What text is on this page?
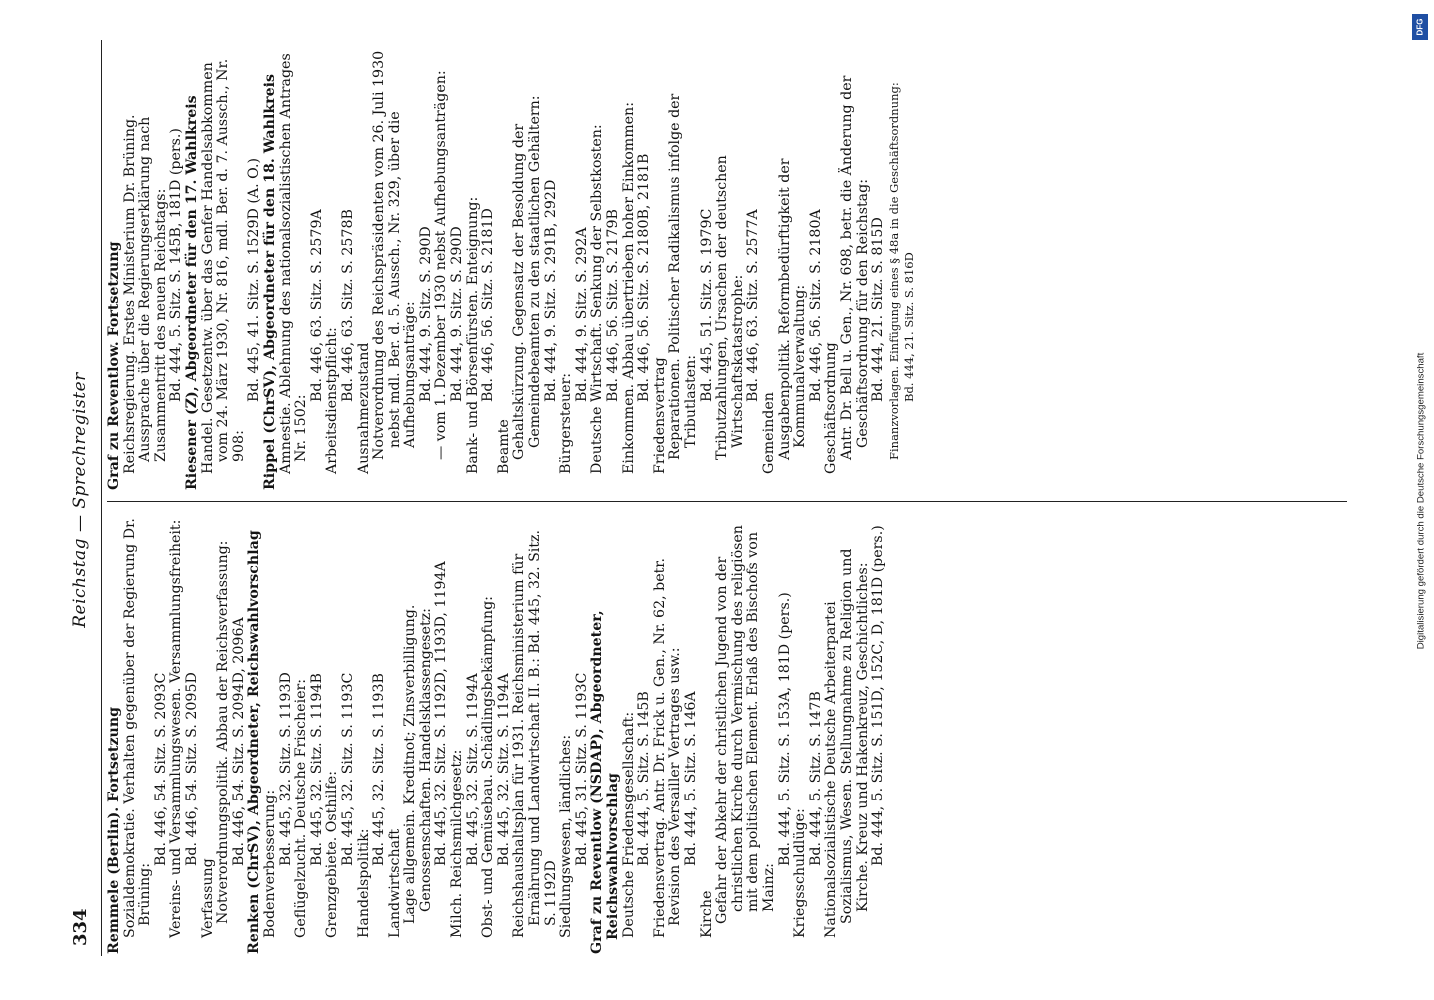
334
Reichstag — Sprechregister
Remmele (Berlin). Fortsetzung Sozialdemokratie. Verhalten gegenüber der Regierung Dr. Brüning:
Bd. 446, 54. Sitz. S. 2093C Vereins- und Versammlungswesen. Versammlungsfreiheit: Bd. 446, 54. Sitz. S. 2095D
Verfassung Notverordnungspolitik. Abbau der Reichsverfassung: Bd. 446, 54. Sitz. S. 2094D, 2096A Renken (ChrSV), Abgeordneter, Reichswahlvorschlag Bodenverbesserung: Bd. 445, 32. Sitz. S. 1193D Geflügelzucht. Deutsche Frischeier: Bd. 445, 32. Sitz. S. 1194B Grenzgebiete. Osthilfe: Bd. 445, 32. Sitz. S. 1193C
Handelspolitik:
Bd. 445, 32. Sitz. S. 1193B
Landwirtschaft Lage allgemein. Kreditnot; Zinsverbilligung. Genossenschaften. Handelsklassengesetz: Bd. 445, 32. Sitz. S. 1192D, 1193D, 1194A Milch. Reichsmilchgesetz: Bd. 445, 32. Sitz. S. 1194A Obst- und Gemüsebau. Schädlingsbekämpfung: Bd. 445, 32. Sitz. S. 1194A Reichshaushaltsplan für 1931. Reichsministerium für Ernährung und Landwirtschaft II. B.: Bd. 445, 32. Sitz. S. 1192D Siedlungswesen, ländliches: Bd. 445, 31. Sitz. S. 1193C Graf zu Reventlow (NSDAP), Abgeordneter, Reichswahlvorschlag Deutsche Friedensgesellschaft: Bd. 444, 5. Sitz. S. 145B Friedensvertrag. Antr. Dr. Frick u. Gen., Nr. 62, betr. Revision des Versailler Vertrages usw.: Bd. 444, 5. Sitz. S. 146A
Kirche Gefahr der Abkehr der christlichen Jugend von der christlichen Kirche durch Vermischung des religiösen mit dem politischen Element. Erlaß des Bischofs von Mainz:
Bd. 444, 5. Sitz. S. 153A, 181D (pers.)
Kriegsschuldlüge:
Bd. 444, 5. Sitz. S. 147B Nationalsozialistische Deutsche Arbeiterpartei Sozialismus, Wesen. Stellungnahme zu Religion und Kirche. Kreuz und Hakenkreuz, Geschichtliches: Bd. 444, 5. Sitz. S. 151D, 152C, D, 181D (pers.)
Graf zu Reventlow. Fortsetzung Reichsregierung. Erstes Ministerium Dr. Brüning. Aussprache über die Regierungserklärung nach Zusammentritt des neuen Reichstags: Bd. 444, 5. Sitz. S. 145B, 181D (pers.) Riesener (Z), Abgeordneter für den 17. Wahlkreis Handel. Gesetzentw. über das Genfer Handelsabkommen vom 24. März 1930, Nr. 816, mdl. Ber. d. 7. Aussch., Nr. 908:
Bd. 445, 41. Sitz. S. 1529D (A. O.) Rippel (ChrSV), Abgeordneter für den 18. Wahlkreis Amnestie. Ablehnung des nationalsozialistischen Antrages Nr. 1502:
Bd. 446, 63. Sitz. S. 2579A Arbeitsdienstpflicht: Bd. 446, 63. Sitz. S. 2578B
Ausnahmezustand Notverordnung des Reichspräsidenten vom 26. Juli 1930 nebst mdl. Ber. d. 5. Aussch., Nr. 329, über die Aufhebungsanträge: Bd. 444, 9. Sitz. S. 290D — vom 1. Dezember 1930 nebst Aufhebungsanträgen: Bd. 444, 9. Sitz. S. 290D Bank- und Börsenfürsten. Enteignung: Bd. 446, 56. Sitz. S. 2181D
Beamte Gehaltskürzung. Gegensatz der Besoldung der Gemeindebeamten zu den staatlichen Gehältern: Bd. 444, 9. Sitz. S. 291B, 292D
Bürgersteuer:
Bd. 444, 9. Sitz. S. 292A Deutsche Wirtschaft. Senkung der Selbstkosten: Bd. 446, 56. Sitz. S. 2179B Einkommen. Abbau übertrieben hoher Einkommen: Bd. 446, 56. Sitz. S. 2180B, 2181B
Friedensvertrag Reparationen. Politischer Radikalismus infolge der Tributlasten: Bd. 445, 51. Sitz. S. 1979C Tributzahlungen, Ursachen der deutschen Wirtschaftskatastrophe: Bd. 446, 63. Sitz. S. 2577A
Gemeinden Ausgabenpolitik. Reformbedürftigkeit der Kommunalverwaltung: Bd. 446, 56. Sitz. S. 2180A
Geschäftsordnung Antr. Dr. Bell u. Gen., Nr. 698, betr. die Änderung der Geschäftsordnung für den Reichstag: Bd. 444, 21. Sitz. S. 815D Finanzvorlagen. Einfügung eines § 48a in die Geschäftsordnung: Bd. 444, 21. Sitz. S. 816D
DFG
Digitalisierung gefördert durch die Deutsche Forschungsgemeinschaft
